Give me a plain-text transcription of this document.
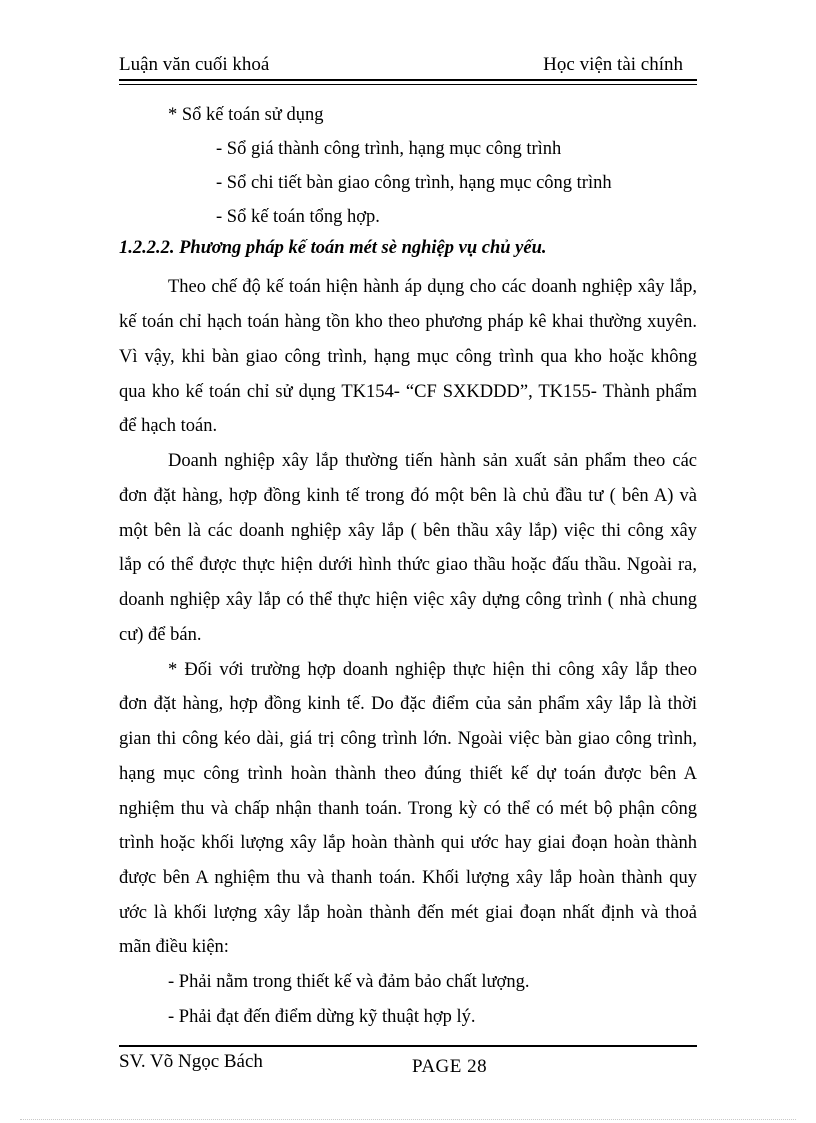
Luận văn cuối khoá	Học viện tài chính
* Sổ kế toán sử dụng
- Sổ giá thành công trình, hạng mục công trình
- Sổ chi tiết bàn giao công trình, hạng mục công trình
- Sổ kế toán tổng hợp.
1.2.2.2. Phương pháp kế toán mét sè nghiệp vụ chủ yếu.
Theo chế độ kế toán hiện hành áp dụng cho các doanh nghiệp xây lắp,
kế toán chỉ hạch toán hàng tồn kho theo phương pháp kê khai thường xuyên.
Vì vậy, khi bàn giao công trình, hạng mục công trình qua kho hoặc không
qua kho kế toán chỉ sử dụng TK154- “CF SXKDDD”, TK155- Thành phẩm
để hạch toán.
Doanh nghiệp xây lắp thường tiến hành sản xuất sản phẩm theo các
đơn đặt hàng, hợp đồng kinh tế trong đó một bên là chủ đầu tư ( bên A) và
một bên là các doanh nghiệp xây lắp ( bên thầu xây lắp) việc thi công xây
lắp có thể được thực hiện dưới hình thức giao thầu hoặc đấu thầu. Ngoài ra,
doanh nghiệp xây lắp có thể thực hiện việc xây dựng công trình ( nhà chung
cư) để bán.
* Đối với trường hợp doanh nghiệp thực hiện thi công xây lắp theo
đơn đặt hàng, hợp đồng kinh tế. Do đặc điểm của sản phẩm xây lắp là thời
gian thi công kéo dài, giá trị công trình lớn. Ngoài việc bàn giao công trình,
hạng mục công trình hoàn thành theo đúng thiết kế dự toán được bên A
nghiệm thu và chấp nhận thanh toán. Trong kỳ có thể có mét bộ phận công
trình hoặc khối lượng xây lắp hoàn thành qui ước hay giai đoạn hoàn thành
được bên A nghiệm thu và thanh toán. Khối lượng xây lắp hoàn thành quy
ước là khối lượng xây lắp hoàn thành đến mét giai đoạn nhất định và thoả
mãn điều kiện:
- Phải nằm trong thiết kế và đảm bảo chất lượng.
- Phải đạt đến điểm dừng kỹ thuật hợp lý.
SV. Võ Ngọc Bách	PAGE 28
